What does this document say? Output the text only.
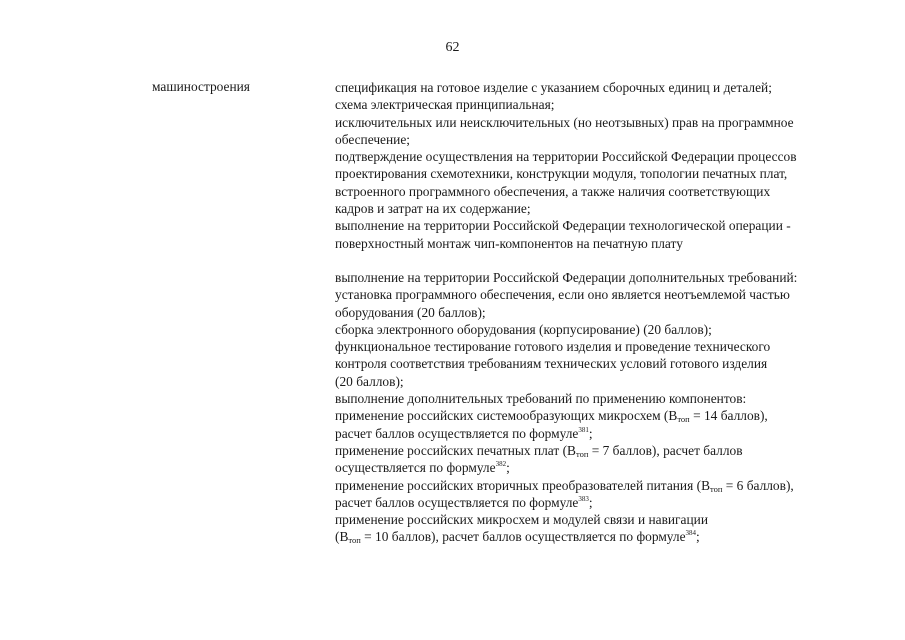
62
машиностроения	спецификация на готовое изделие с указанием сборочных единиц и деталей;
схема электрическая принципиальная;
исключительных или неисключительных (но неотзывных) прав на программное
обеспечение;
подтверждение осуществления на территории Российской Федерации процессов
проектирования схемотехники, конструкции модуля, топологии печатных плат,
встроенного программного обеспечения, а также наличия соответствующих
кадров и затрат на их содержание;
выполнение на территории Российской Федерации технологической операции -
поверхностный монтаж чип-компонентов на печатную плату
выполнение на территории Российской Федерации дополнительных требований:
установка программного обеспечения, если оно является неотъемлемой частью
оборудования (20 баллов);
сборка электронного оборудования (корпусирование) (20 баллов);
функциональное тестирование готового изделия и проведение технического
контроля соответствия требованиям технических условий готового изделия
(20 баллов);
выполнение дополнительных требований по применению компонентов:
применение российских системообразующих микросхем ($В_{топ} = 14$ баллов),
расчет баллов осуществляется по формуле$^{381}$;
применение российских печатных плат ($В_{топ} = 7$ баллов), расчет баллов
осуществляется по формуле$^{382}$;
применение российских вторичных преобразователей питания ($В_{топ} = 6$ баллов),
расчет баллов осуществляется по формуле$^{383}$;
применение российских микросхем и модулей связи и навигации
($В_{топ} = 10$ баллов), расчет баллов осуществляется по формуле$^{384}$;
